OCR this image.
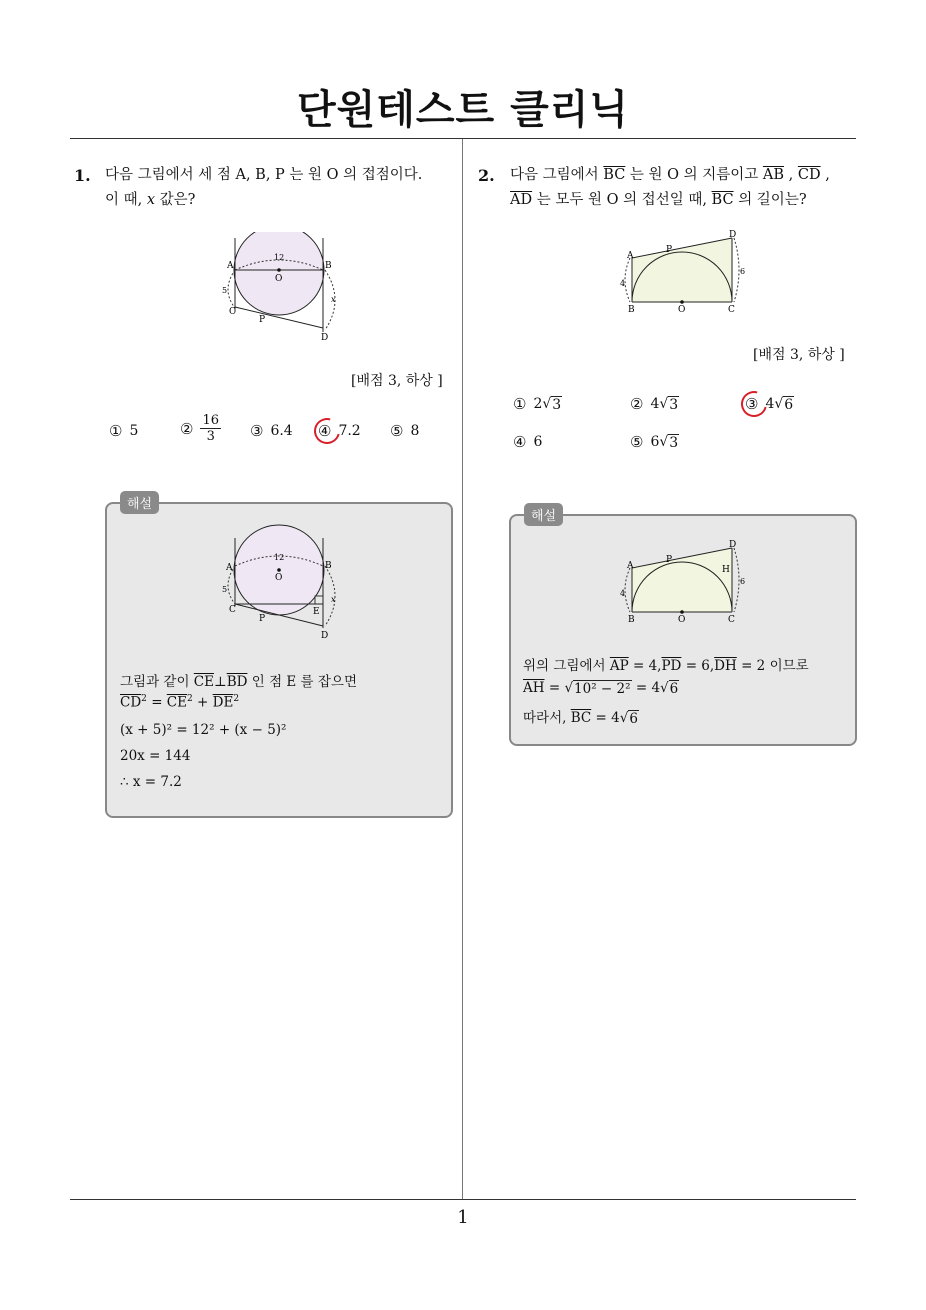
단원테스트 클리닉
1. 다음 그림에서 세 점 A, B, P 는 원 O 의 접점이다.
이 때, x 값은?
A	B
C
D
O
P
12
5
x
[배점 3, 하상 ]
① 5	② $\frac{16}{3}$ ③ 6.4 ④ 7.2 ⑤ 8
해설
A	B
C
D
E
O
P
12
5
x
그림과 같이 $\overline{CE}\perp\overline{BD}$ 인 점 E 를 잡으면
$\overline{CD}^2 = \overline{CE}^2 + \overline{DE}^2$
(x + 5)² = 12² + (x − 5)²
20x = 144
∴ x = 7.2
2. 다음 그림에서 $\overline{BC}$ 는 원 O 의 지름이고 $\overline{AB}$ , $\overline{CD}$ ,
$\overline{AD}$ 는 모두 원 O 의 접선일 때, $\overline{BC}$ 의 길이는?
A
B	C
D
O
P
4
6
[배점 3, 하상 ]
① 2 √ 3	② 4 √ 3	③ 4 √ 6
④ 6	⑤ 6 √ 3
해설
A
B	C
D
O
P
H
4
6
위의 그림에서 $\overline{AP} = 4,\overline{PD} = 6,\overline{DH} = 2$ 이므로
$\overline{AH}$ = √ 10² − 2² = 4√ 6
따라서, $\overline{BC} = 4√$ 6
1
